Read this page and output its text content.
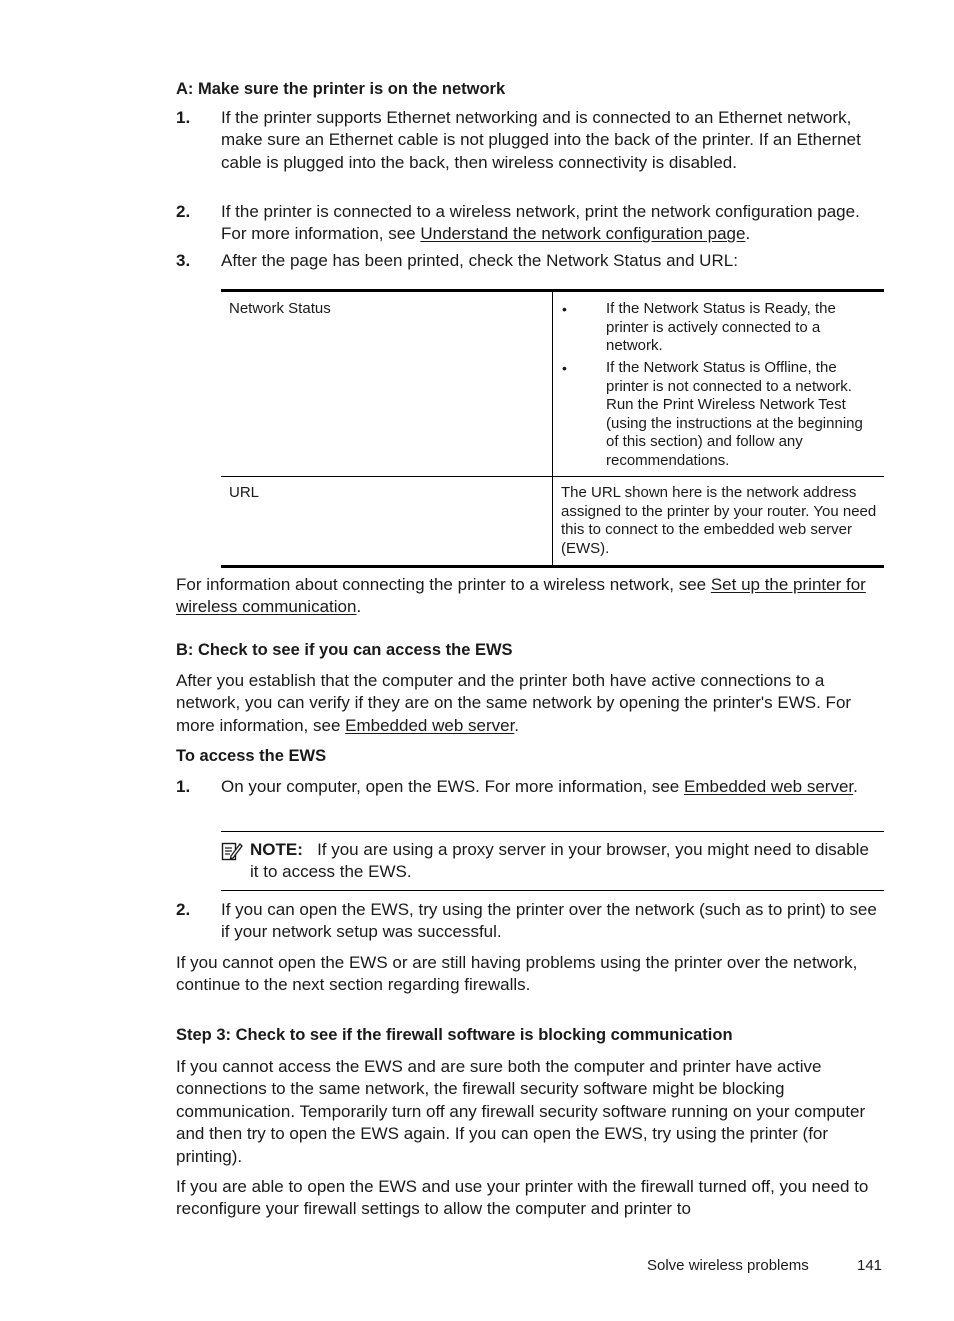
A: Make sure the printer is on the network
1. If the printer supports Ethernet networking and is connected to an Ethernet network, make sure an Ethernet cable is not plugged into the back of the printer. If an Ethernet cable is plugged into the back, then wireless connectivity is disabled.
2. If the printer is connected to a wireless network, print the network configuration page. For more information, see Understand the network configuration page.
3. After the page has been printed, check the Network Status and URL:
Network Status	•	If the Network Status is Ready, the printer is actively connected to a network.
•	If the Network Status is Offline, the printer is not connected to a network. Run the Print Wireless Network Test (using the instructions at the beginning of this section) and follow any recommendations.
URL	The URL shown here is the network address assigned to the printer by your router. You need this to connect to the embedded web server (EWS).
For information about connecting the printer to a wireless network, see Set up the printer for wireless communication.
B: Check to see if you can access the EWS
After you establish that the computer and the printer both have active connections to a network, you can verify if they are on the same network by opening the printer's EWS. For more information, see Embedded web server.
To access the EWS
1. On your computer, open the EWS. For more information, see Embedded web server.
NOTE: If you are using a proxy server in your browser, you might need to disable it to access the EWS.
2. If you can open the EWS, try using the printer over the network (such as to print) to see if your network setup was successful.
If you cannot open the EWS or are still having problems using the printer over the network, continue to the next section regarding firewalls.
Step 3: Check to see if the firewall software is blocking communication
If you cannot access the EWS and are sure both the computer and printer have active connections to the same network, the firewall security software might be blocking communication. Temporarily turn off any firewall security software running on your computer and then try to open the EWS again. If you can open the EWS, try using the printer (for printing).
If you are able to open the EWS and use your printer with the firewall turned off, you need to reconfigure your firewall settings to allow the computer and printer to
Solve wireless problems	141
